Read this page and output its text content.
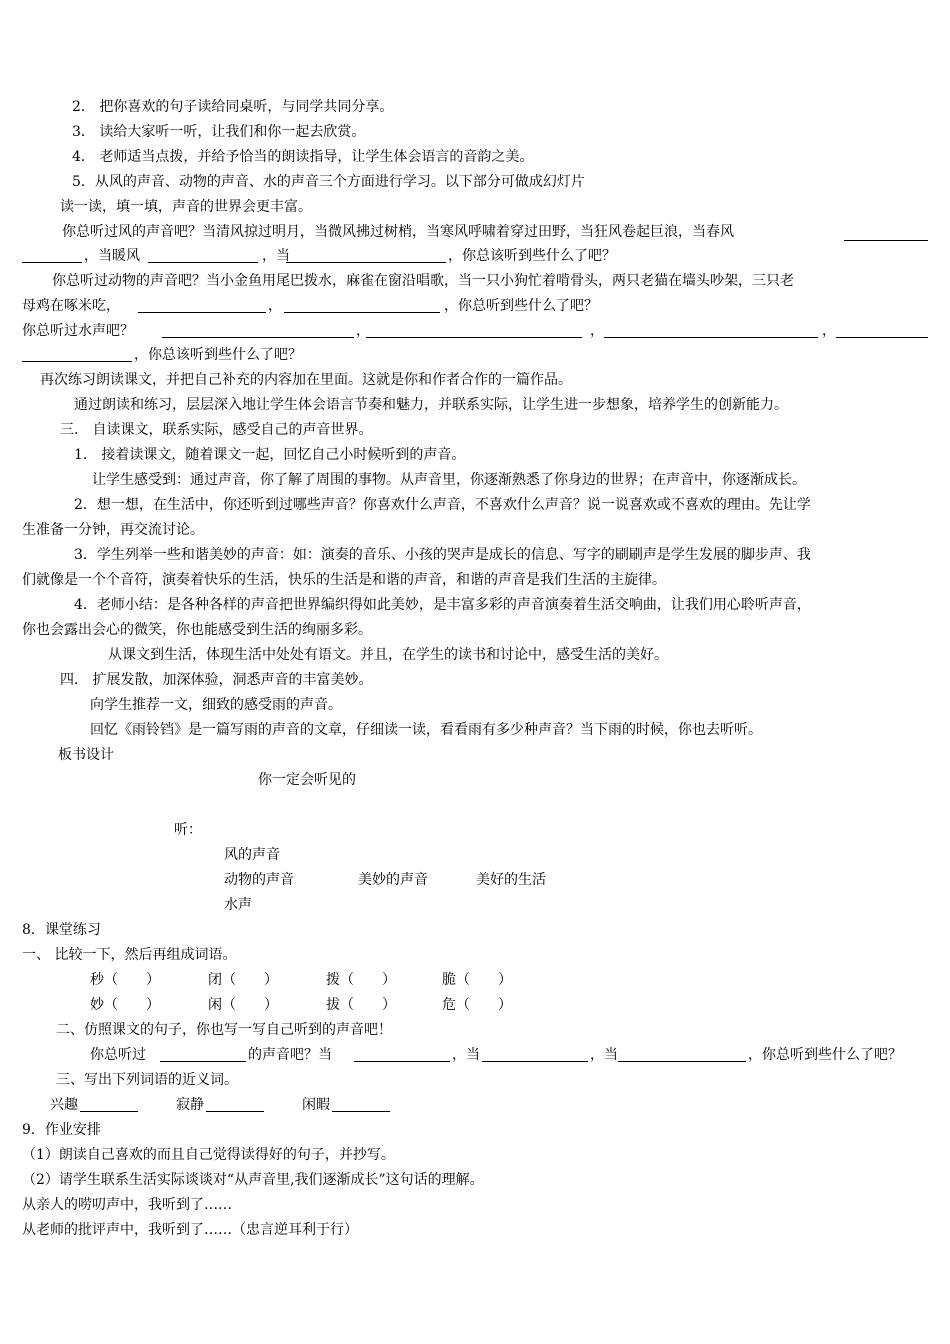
2． 把你喜欢的句子读给同桌听，与同学共同分享。
3． 读给大家听一听，让我们和你一起去欣赏。
4． 老师适当点拨，并给予恰当的朗读指导，让学生体会语言的音韵之美。
5．从风的声音、动物的声音、水的声音三个方面进行学习。以下部分可做成幻灯片
读一读，填一填，声音的世界会更丰富。
你总听过风的声音吧？当清风掠过明月，当微风拂过树梢，当寒风呼啸着穿过田野，当狂风卷起巨浪，当春风
，当暖风	，当	，你总该听到些什么了吧？
你总听过动物的声音吧？当小金鱼用尾巴拨水，麻雀在窗沿唱歌，当一只小狗忙着啃骨头，两只老猫在墙头吵架，三只老
母鸡在啄米吃，	，	，你总听到些什么了吧？
你总听过水声吧？	，	，	，
，你总该听到些什么了吧？
再次练习朗读课文，并把自己补充的内容加在里面。这就是你和作者合作的一篇作品。
通过朗读和练习，层层深入地让学生体会语言节奏和魅力，并联系实际，让学生进一步想象，培养学生的创新能力。
三． 自读课文，联系实际，感受自己的声音世界。
1． 接着读课文，随着课文一起，回忆自己小时候听到的声音。
让学生感受到：通过声音，你了解了周围的事物。从声音里，你逐渐熟悉了你身边的世界；在声音中，你逐渐成长。
2．想一想，在生活中，你还听到过哪些声音？你喜欢什么声音，不喜欢什么声音？说一说喜欢或不喜欢的理由。先让学
生准备一分钟，再交流讨论。
3．学生列举一些和谐美妙的声音：如：演奏的音乐、小孩的哭声是成长的信息、写字的刷刷声是学生发展的脚步声、我
们就像是一个个音符，演奏着快乐的生活，快乐的生活是和谐的声音，和谐的声音是我们生活的主旋律。
4．老师小结：是各种各样的声音把世界编织得如此美妙，是丰富多彩的声音演奏着生活交响曲，让我们用心聆听声音，
你也会露出会心的微笑，你也能感受到生活的绚丽多彩。
从课文到生活，体现生活中处处有语文。并且，在学生的读书和讨论中，感受生活的美好。
四． 扩展发散，加深体验，洞悉声音的丰富美妙。
向学生推荐一文，细致的感受雨的声音。
回忆《雨铃铛》是一篇写雨的声音的文章，仔细读一读，看看雨有多少种声音？当下雨的时候，你也去听听。
板书设计
你一定会听见的
听：
风的声音
动物的声音	美妙的声音	美好的生活
水声
8．课堂练习
一、 比较一下，然后再组成词语。
秒（　　）	闭（　　）	拨（　　）	脆（　　）
妙（　　）	闲（　　）	拔（　　）	危（　　）
二、仿照课文的句子，你也写一写自己听到的声音吧！
你总听过	的声音吧？当	，当	，当	，你总听到些什么了吧？
三、写出下列词语的近义词。
兴趣	寂静	闲暇
9．作业安排
（1）朗读自己喜欢的而且自己觉得读得好的句子，并抄写。
（2）请学生联系生活实际谈谈对“从声音里,我们逐渐成长”这句话的理解。
从亲人的唠叨声中，我听到了……
从老师的批评声中，我听到了……（忠言逆耳利于行）
